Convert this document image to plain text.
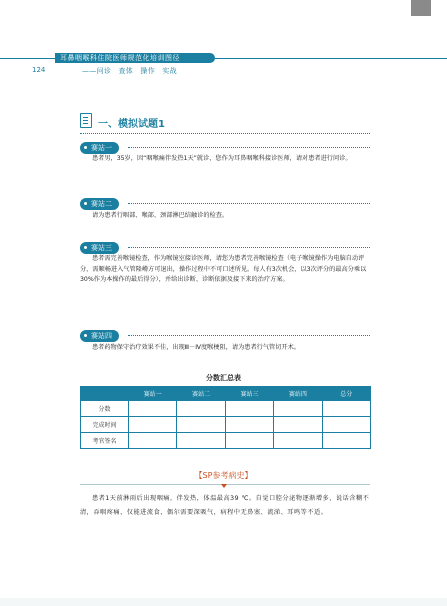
耳鼻咽喉科住院医师规范化培训图径
124	——问诊　查体　操作　实战
一、模拟试题1
赛站一
患者男，35岁，因“咽喉痛伴发热1天”就诊，您作为耳鼻咽喉科接诊医师，请对患者进行问诊。
赛站二
请为患者行咽部、喉部、颈部淋巴结触诊的检查。
赛站三
患者需完善喉镜检查，作为喉镜室接诊医师，请您为患者完善喉镜检查（电子喉镜操作为电脑自动评分，需顺畅进入气管隆嵴方可退出，操作过程中不可口述所见。每人有3次机会，以3次评分的最高分乘以30%作为本操作的最后得分），并给出诊断、诊断依据及接下来的治疗方案。
赛站四
患者药物保守治疗效果不佳，出现Ⅲ－Ⅳ度喉梗阻，请为患者行气管切开术。
分数汇总表
	赛站一	赛站二	赛站三	赛站四	总分
分数					
完成时间					
考官签名					
【SP参考病史】
患者1天前淋雨后出现咽痛，伴发热，体温最高39 ℃。自觉口腔分泌物逐渐增多，说话含糊不清，吞咽疼痛，仅能进流食，偶尔需要深吸气，病程中无鼻塞、流涕、耳鸣等不适。
